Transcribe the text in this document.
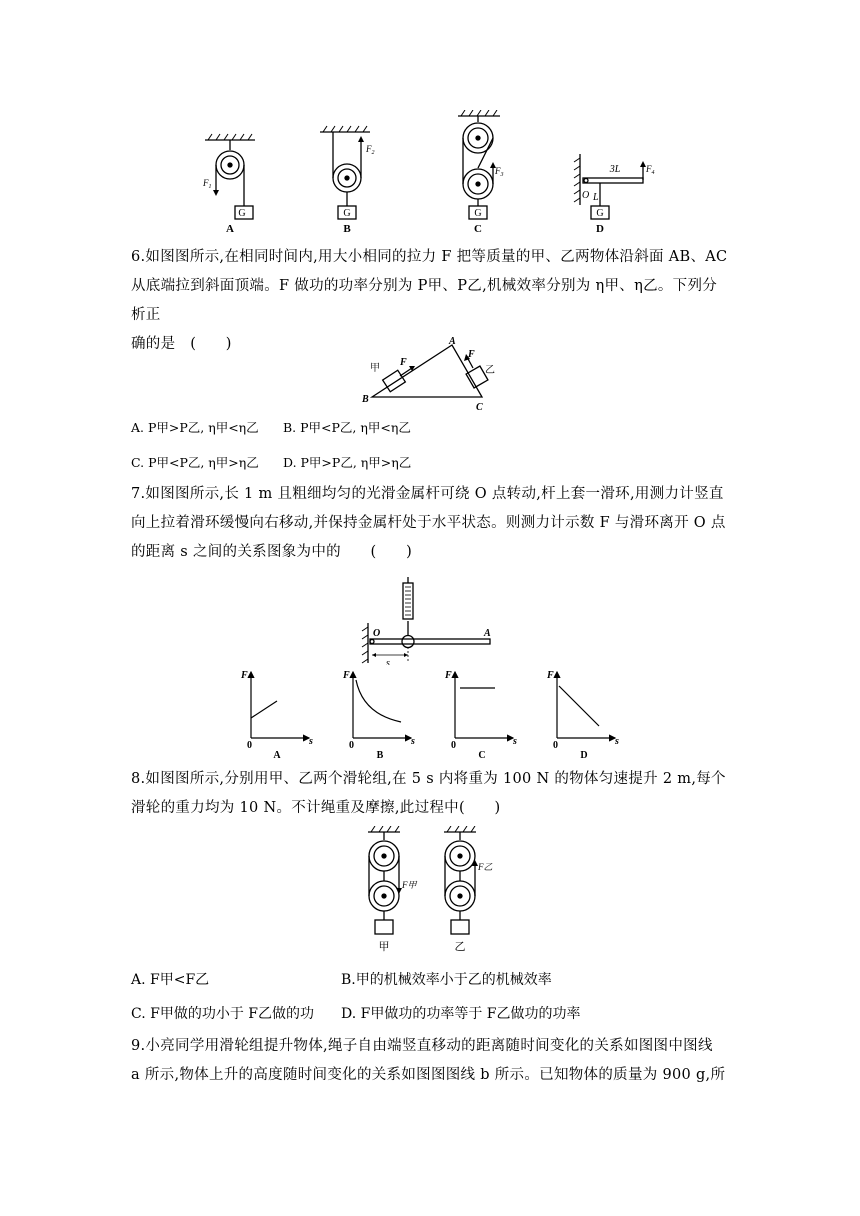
G
$F_1$
A
$F_2$
G
B
$F_3$
G
C
$F_4$
3L
L
O
G
D
6.如图图所示,在相同时间内,用大小相同的拉力 F 把等质量的甲、乙两物体沿斜面 AB、AC
从底端拉到斜面顶端。F 做功的功率分别为 P甲、P乙,机械效率分别为 η甲、η乙。下列分析正
确的是　(　　)
甲	乙
F
F
A
B
C
A. P甲>P乙, η甲<η乙 B. P甲<P乙, η甲<η乙
C. P甲<P乙, η甲>η乙 D. P甲>P乙, η甲>η乙
7.如图图所示,长 1 m 且粗细均匀的光滑金属杆可绕 O 点转动,杆上套一滑环,用测力计竖直
向上拉着滑环缓慢向右移动,并保持金属杆处于水平状态。则测力计示数 F 与滑环离开 O 点
的距离 s 之间的关系图象为中的　　(　　)
O	A
s
F
s
0
A
F
s
0
B
F
s
0
C
F
s
0
D
8.如图图所示,分别用甲、乙两个滑轮组,在 5 s 内将重为 100 N 的物体匀速提升 2 m,每个
滑轮的重力均为 10 N。不计绳重及摩擦,此过程中(　　)
F甲
F乙
甲	乙
A. F甲<F乙	B.甲的机械效率小于乙的机械效率
C. F甲做的功小于 F乙做的功 D. F甲做功的功率等于 F乙做功的功率
9.小亮同学用滑轮组提升物体,绳子自由端竖直移动的距离随时间变化的关系如图图中图线
a 所示,物体上升的高度随时间变化的关系如图图图线 b 所示。已知物体的质量为 900 g,所
